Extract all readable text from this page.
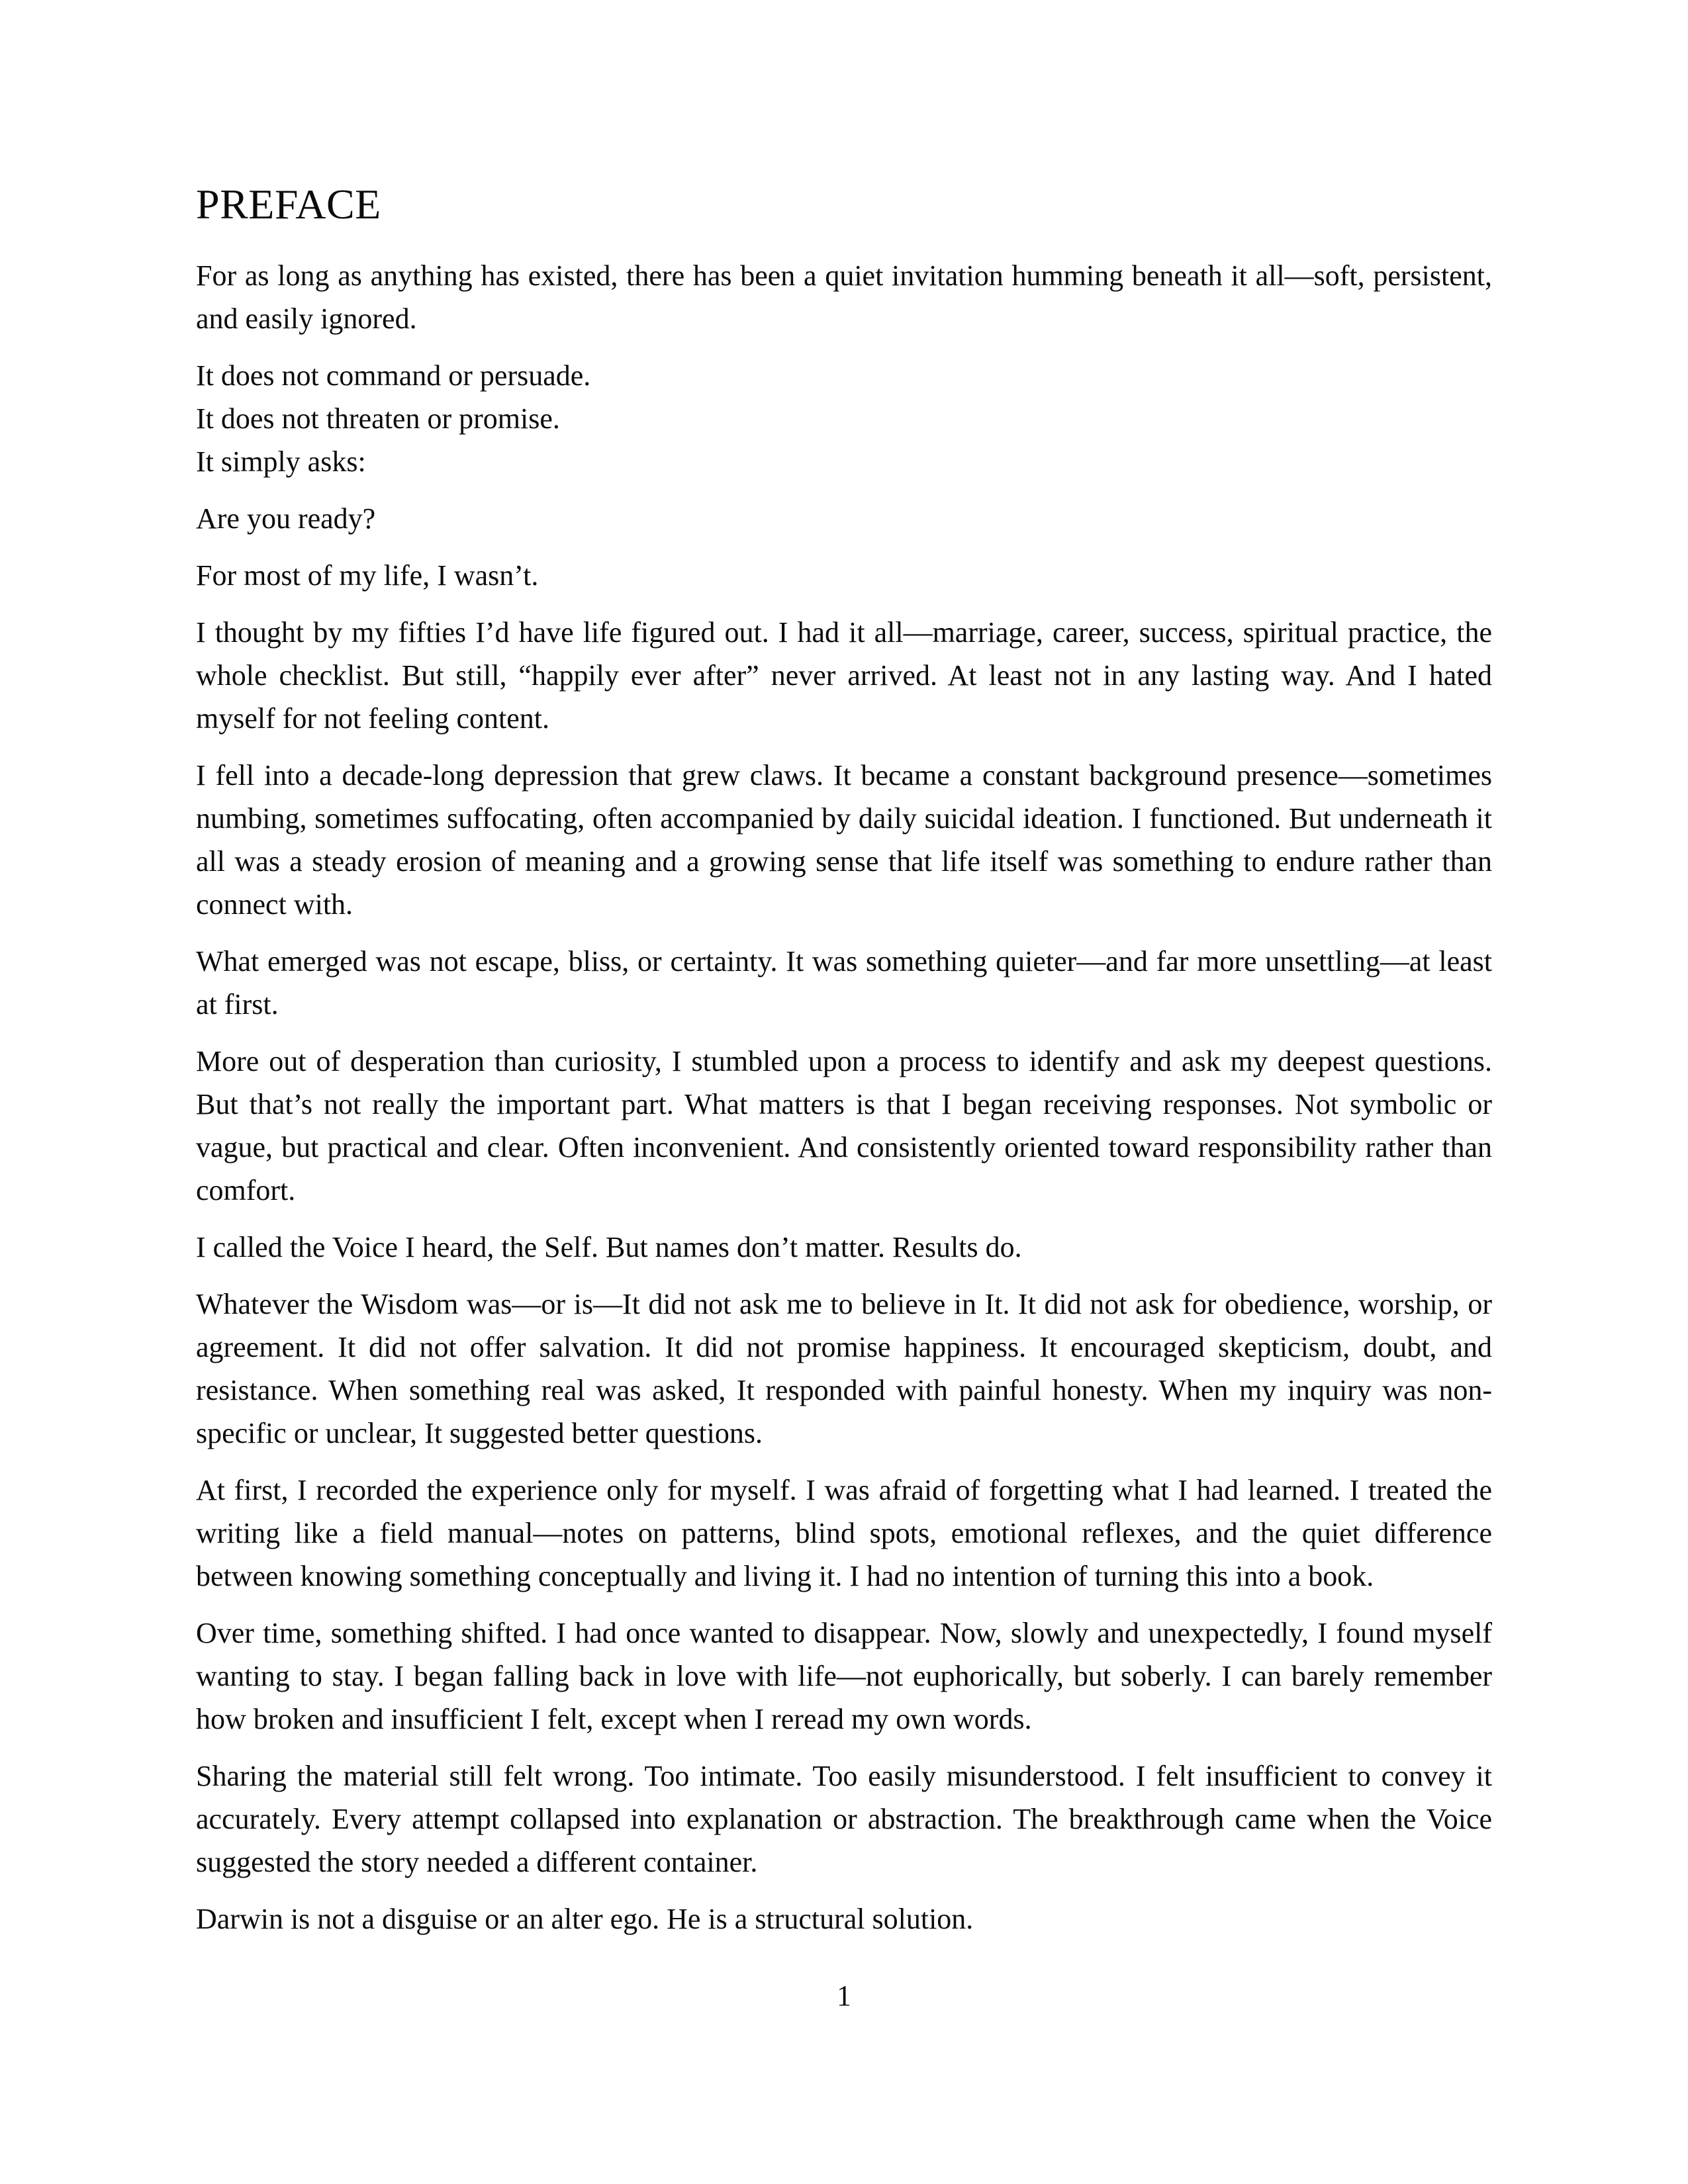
PREFACE

For as long as anything has existed, there has been a quiet invitation humming beneath it all—soft, persistent, and easily ignored.

It does not command or persuade.
It does not threaten or promise.
It simply asks:

Are you ready?

For most of my life, I wasn’t.

I thought by my fifties I’d have life figured out. I had it all—marriage, career, success, spiritual practice, the whole checklist. But still, “happily ever after” never arrived. At least not in any lasting way. And I hated myself for not feeling content.

I fell into a decade-long depression that grew claws. It became a constant background presence—sometimes numbing, sometimes suffocating, often accompanied by daily suicidal ideation. I functioned. But underneath it all was a steady erosion of meaning and a growing sense that life itself was something to endure rather than connect with.

What emerged was not escape, bliss, or certainty. It was something quieter—and far more unsettling—at least at first.

More out of desperation than curiosity, I stumbled upon a process to identify and ask my deepest questions. But that’s not really the important part. What matters is that I began receiving responses. Not symbolic or vague, but practical and clear. Often inconvenient. And consistently oriented toward responsibility rather than comfort.

I called the Voice I heard, the Self. But names don’t matter. Results do.

Whatever the Wisdom was—or is—It did not ask me to believe in It. It did not ask for obedience, worship, or agreement. It did not offer salvation. It did not promise happiness. It encouraged skepticism, doubt, and resistance. When something real was asked, It responded with painful honesty. When my inquiry was non-specific or unclear, It suggested better questions.

At first, I recorded the experience only for myself. I was afraid of forgetting what I had learned. I treated the writing like a field manual—notes on patterns, blind spots, emotional reflexes, and the quiet difference between knowing something conceptually and living it. I had no intention of turning this into a book.

Over time, something shifted. I had once wanted to disappear. Now, slowly and unexpectedly, I found myself wanting to stay. I began falling back in love with life—not euphorically, but soberly. I can barely remember how broken and insufficient I felt, except when I reread my own words.

Sharing the material still felt wrong. Too intimate. Too easily misunderstood. I felt insufficient to convey it accurately. Every attempt collapsed into explanation or abstraction. The breakthrough came when the Voice suggested the story needed a different container.

Darwin is not a disguise or an alter ego. He is a structural solution.

1
